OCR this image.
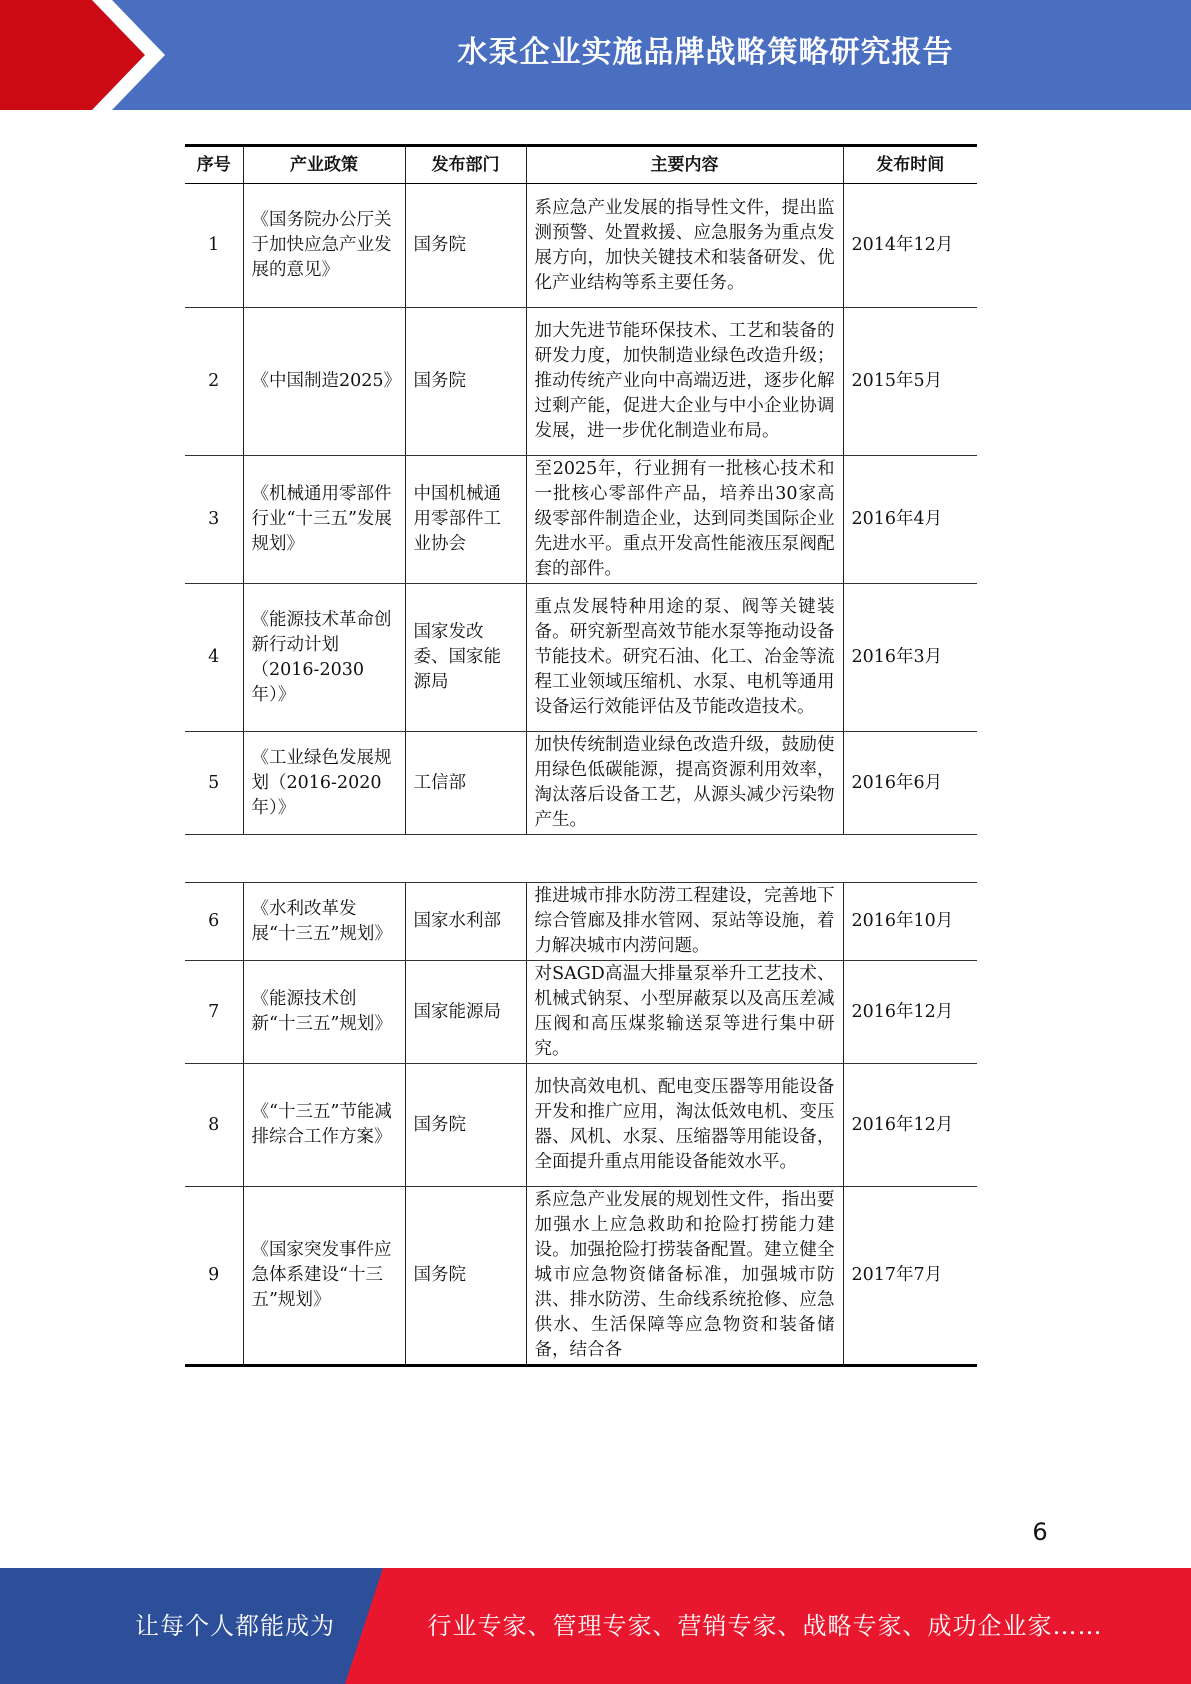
水泵企业实施品牌战略策略研究报告
序号	产业政策	发布部门	主要内容	发布时间
1	《国务院办公厅关于加快应急产业发展的意见》	国务院	系应急产业发展的指导性文件，提出监测预警、处置救援、应急服务为重点发展方向，加快关键技术和装备研发、优化产业结构等系主要任务。	2014年12月
2	《中国制造2025》	国务院	加大先进节能环保技术、工艺和装备的研发力度，加快制造业绿色改造升级；推动传统产业向中高端迈进，逐步化解过剩产能，促进大企业与中小企业协调发展，进一步优化制造业布局。	2015年5月
3	《机械通用零部件行业“十三五”发展规划》	中国机械通用零部件工业协会	至2025年，行业拥有一批核心技术和一批核心零部件产品，培养出30家高级零部件制造企业，达到同类国际企业先进水平。重点开发高性能液压泵阀配套的部件。	2016年4月
4	《能源技术革命创新行动计划（2016-2030年）》	国家发改委、国家能源局	重点发展特种用途的泵、阀等关键装备。研究新型高效节能水泵等拖动设备节能技术。研究石油、化工、冶金等流程工业领域压缩机、水泵、电机等通用设备运行效能评估及节能改造技术。	2016年3月
5	《工业绿色发展规划（2016-2020年）》	工信部	加快传统制造业绿色改造升级，鼓励使用绿色低碳能源，提高资源利用效率，淘汰落后设备工艺，从源头减少污染物产生。	2016年6月
6	《水利改革发展“十三五”规划》	国家水利部	推进城市排水防涝工程建设，完善地下综合管廊及排水管网、泵站等设施，着力解决城市内涝问题。	2016年10月
7	《能源技术创新“十三五”规划》	国家能源局	对SAGD高温大排量泵举升工艺技术、机械式钠泵、小型屏蔽泵以及高压差减压阀和高压煤浆输送泵等进行集中研究。	2016年12月
8	《“十三五”节能减排综合工作方案》	国务院	加快高效电机、配电变压器等用能设备开发和推广应用，淘汰低效电机、变压器、风机、水泵、压缩器等用能设备，全面提升重点用能设备能效水平。	2016年12月
9	《国家突发事件应急体系建设“十三五”规划》	国务院	系应急产业发展的规划性文件，指出要加强水上应急救助和抢险打捞能力建设。加强抢险打捞装备配置。建立健全城市应急物资储备标准，加强城市防洪、排水防涝、生命线系统抢修、应急供水、生活保障等应急物资和装备储备，结合各	2017年7月
6
让每个人都能成为	行业专家、管理专家、营销专家、战略专家、成功企业家……
